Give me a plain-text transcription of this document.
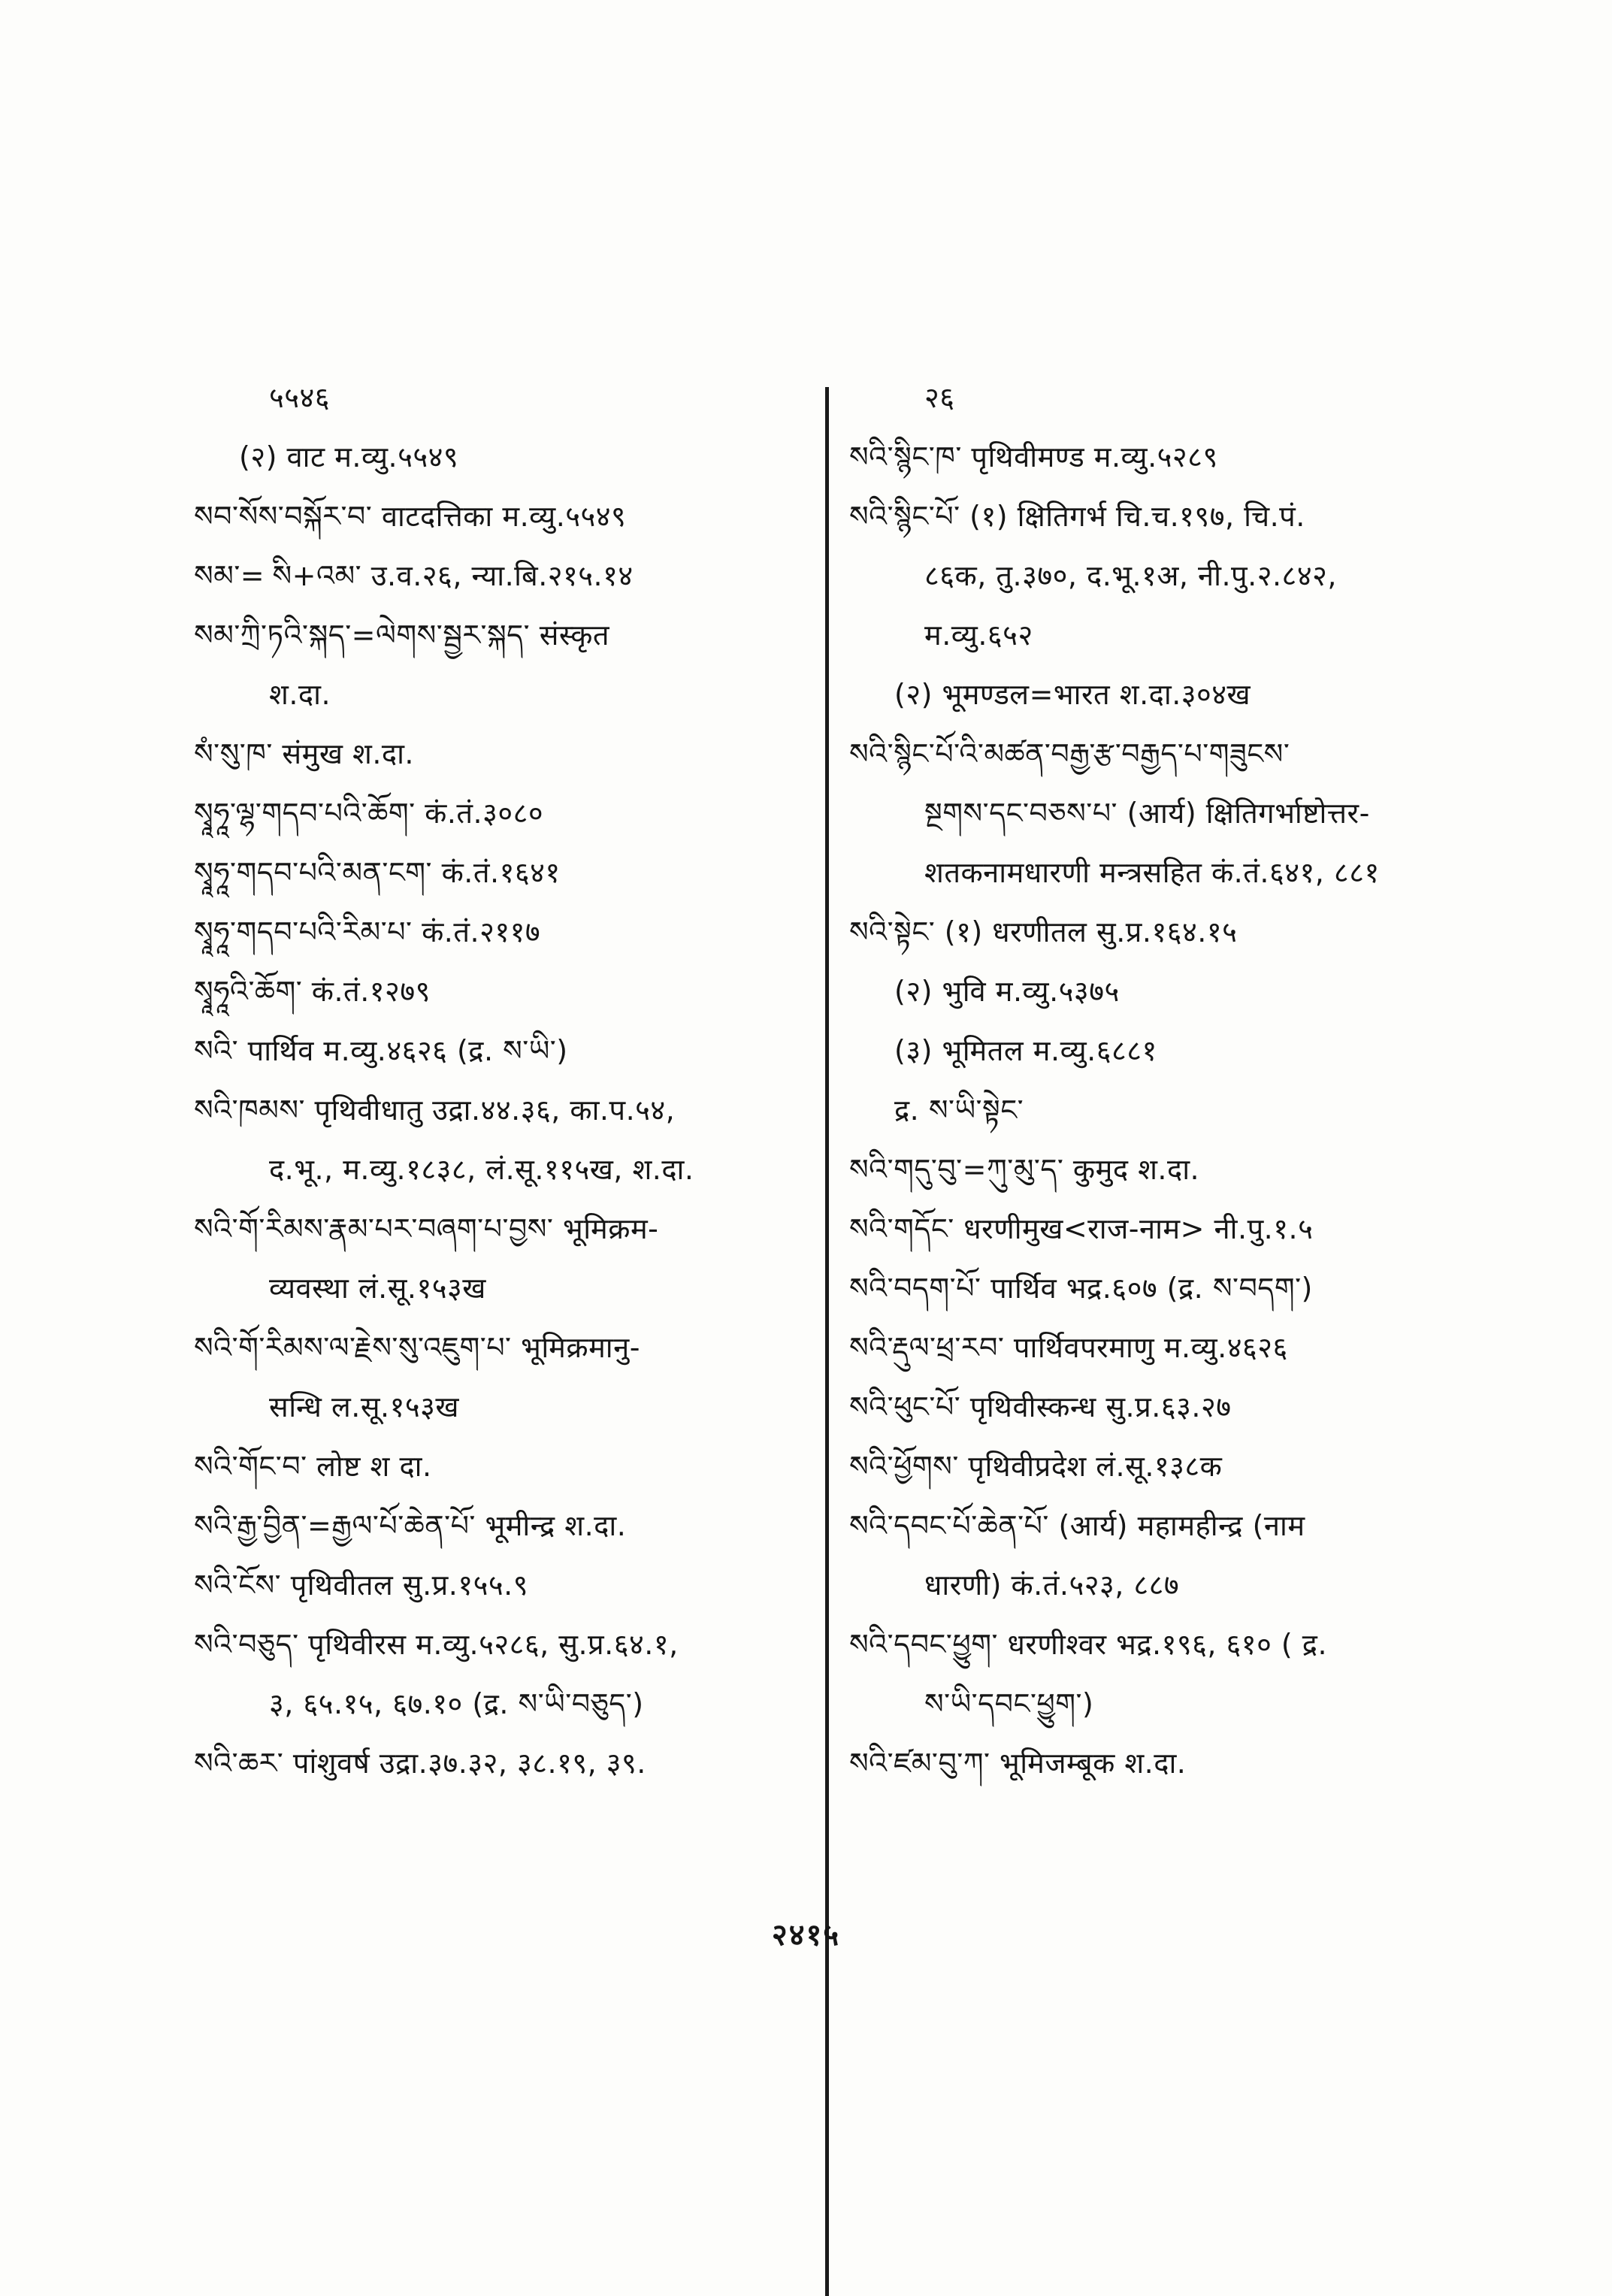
५५४६
(२) वाट म.व्यु.५५४९
སབ་སོས་བསྐོར་བ་ वाटदत्तिका म.व्यु.५५४९
སམ་= ིས+འམ་ उ.व.२६, न्या.बि.२१५.१४
སམ་ཀྲི་ཏའི་སྐད་=ལེགས་སྦྱར་སྐད་ संस्कृत
श.दा.
སཾ་སུ་ཁ་ संमुख श.दा.
སྭཱཧཱ་ལྷ་གདབ་པའི་ཆོག་ कं.तं.३०८०
སྭཱཧཱ་གདབ་པའི་མན་ངག་ कं.तं.१६४१
སྭཱཧཱ་གདབ་པའི་རིམ་པ་ कं.तं.२११७
སྭཱཧཱའི་ཆོག་ कं.तं.१२७९
སའི་ पार्थिव म.व्यु.४६२६ (द्र. ས་ཡི་)
སའི་ཁམས་ पृथिवीधातु उद्रा.४४.३६, का.प.५४,
द.भू., म.व्यु.१८३८, लं.सू.११५ख, श.दा.
སའི་གོ་རིམས་རྣམ་པར་བཞག་པ་བྱས་ भूमिक्रम-
व्यवस्था लं.सू.१५३ख
སའི་གོ་རིམས་ལ་རྗེས་སུ་འཇུག་པ་ भूमिक्रमानु-
सन्धि ल.सू.१५३ख
སའི་གོང་བ་ लोष्ट श दा.
སའི་རྒྱ་བྱིན་=རྒྱལ་པོ་ཆེན་པོ་ भूमीन्द्र श.दा.
སའི་ངོས་ पृथिवीतल सु.प्र.१५५.९
སའི་བཅུད་ पृथिवीरस म.व्यु.५२८६, सु.प्र.६४.१,
३, ६५.१५, ६७.१० (द्र. ས་ཡི་བཅུད་)
སའི་ཆར་ पांशुवर्ष उद्रा.३७.३२, ३८.१९, ३९.
२६
སའི་སྙིང་ཁ་ पृथिवीमण्ड म.व्यु.५२८९
སའི་སྙིང་པོ་ (१) क्षितिगर्भ चि.च.१९७, चि.पं.
८६क, तु.३७०, द.भू.१अ, नी.पु.२.८४२,
म.व्यु.६५२
(२) भूमण्डल=भारत श.दा.३०४ख
སའི་སྙིང་པོ་འི་མཚན་བརྒྱ་རྩ་བརྒྱད་པ་གཟུངས་
སྔགས་དང་བཅས་པ་ (आर्य) क्षितिगर्भाष्टोत्तर-
शतकनामधारणी मन्त्रसहित कं.तं.६४१, ८८१
སའི་སྟེང་ (१) धरणीतल सु.प्र.१६४.१५
(२) भुवि म.व्यु.५३७५
(३) भूमितल म.व्यु.६८८१
द्र. ས་ཡི་སྟེང་
སའི་གདུ་བུ་=ཀུ་མུ་ད་ कुमुद श.दा.
སའི་གདོང་ धरणीमुख<राज-नाम> नी.पु.१.५
སའི་བདག་པོ་ पार्थिव भद्र.६०७ (द्र. ས་བདག་)
སའི་རྡུལ་ཕྲ་རབ་ पार्थिवपरमाणु म.व्यु.४६२६
སའི་ཕུང་པོ་ पृथिवीस्कन्ध सु.प्र.६३.२७
སའི་ཕྱོགས་ पृथिवीप्रदेश लं.सू.१३८क
སའི་དབང་པོ་ཆེན་པོ་ (आर्य) महामहीन्द्र (नाम
धारणी) कं.तं.५२३, ८८७
སའི་དབང་ཕྱུག་ धरणीश्वर भद्र.१९६, ६१० ( द्र.
ས་ཡི་དབང་ཕྱུག་)
སའི་ཛམ་བུ་ཀ་ भूमिजम्बूक श.दा.
२४१५
